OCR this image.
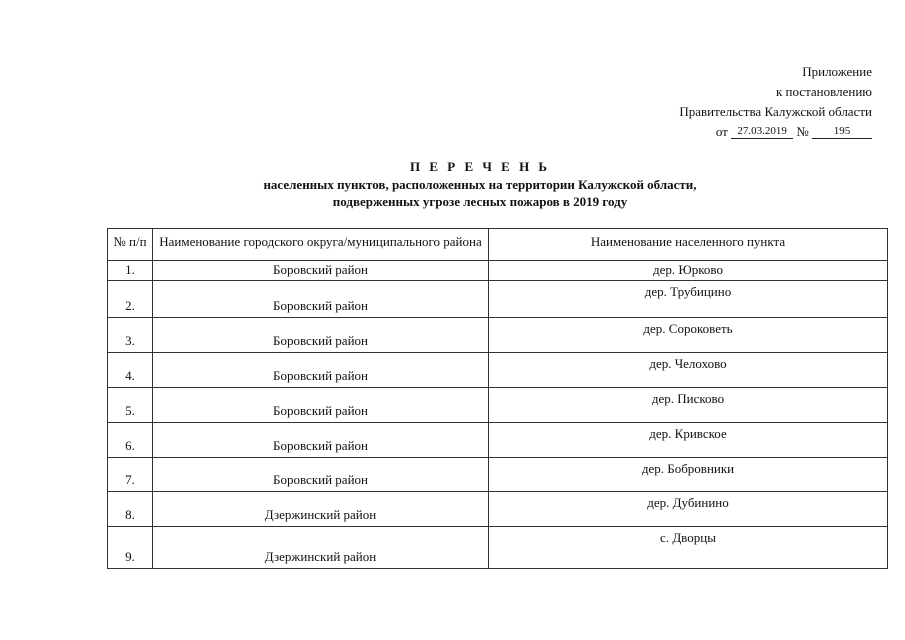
Приложение
к постановлению
Правительства Калужской области
от 27.03.2019 № 195
П Е Р Е Ч Е Н Ь
населенных пунктов, расположенных на территории Калужской области,
подверженных угрозе лесных пожаров в 2019 году
№ п/п	Наименование городского округа/муниципального района	Наименование населенного пункта
1.	Боровский район	дер. Юрково
2.	Боровский район	дер. Трубицино
3.	Боровский район	дер. Сороковеть
4.	Боровский район	дер. Челохово
5.	Боровский район	дер. Писково
6.	Боровский район	дер. Кривское
7.	Боровский район	дер. Бобровники
8.	Дзержинский район	дер. Дубинино
9.	Дзержинский район	с. Дворцы
